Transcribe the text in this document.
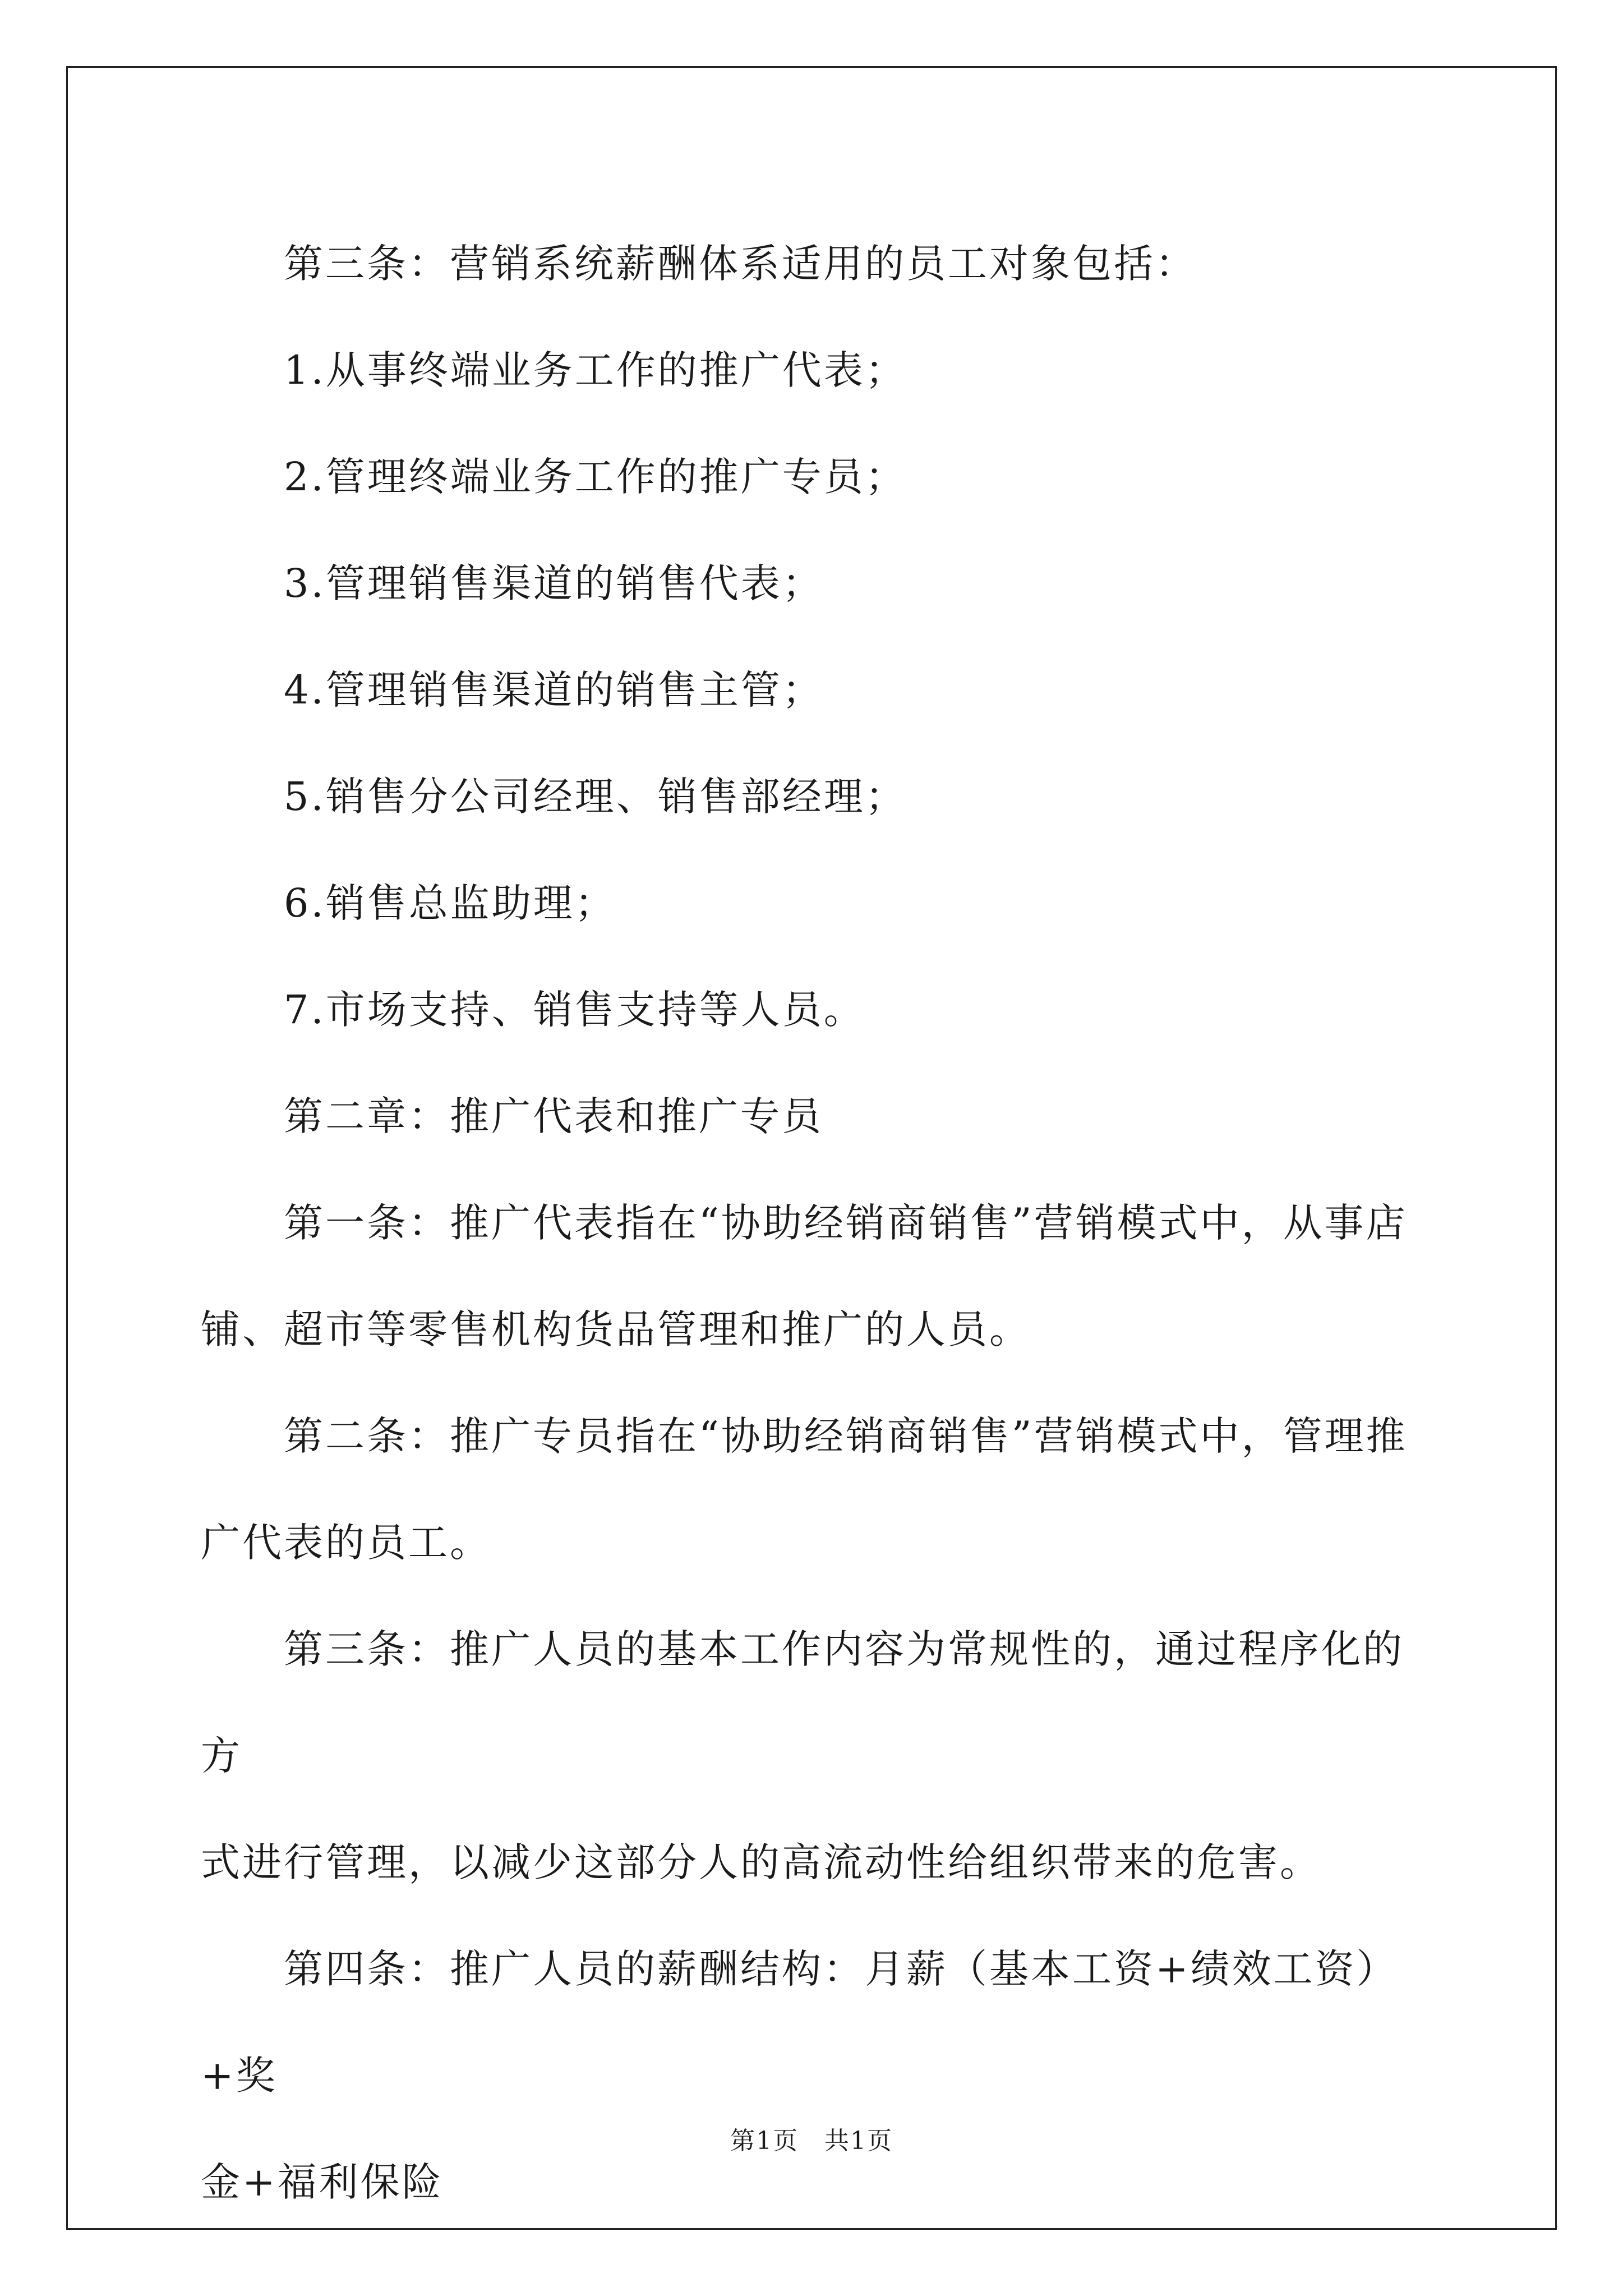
第三条：营销系统薪酬体系适用的员工对象包括：

1.从事终端业务工作的推广代表；

2.管理终端业务工作的推广专员；

3.管理销售渠道的销售代表；

4.管理销售渠道的销售主管；

5.销售分公司经理、销售部经理；

6.销售总监助理；

7.市场支持、销售支持等人员。

第二章：推广代表和推广专员

第一条：推广代表指在“协助经销商销售”营销模式中，从事店
铺、超市等零售机构货品管理和推广的人员。

第二条：推广专员指在“协助经销商销售”营销模式中，管理推
广代表的员工。

第三条：推广人员的基本工作内容为常规性的，通过程序化的方
式进行管理，以减少这部分人的高流动性给组织带来的危害。

第四条：推广人员的薪酬结构：月薪（基本工资+绩效工资）+奖
金+福利保险

第1页　共1页
